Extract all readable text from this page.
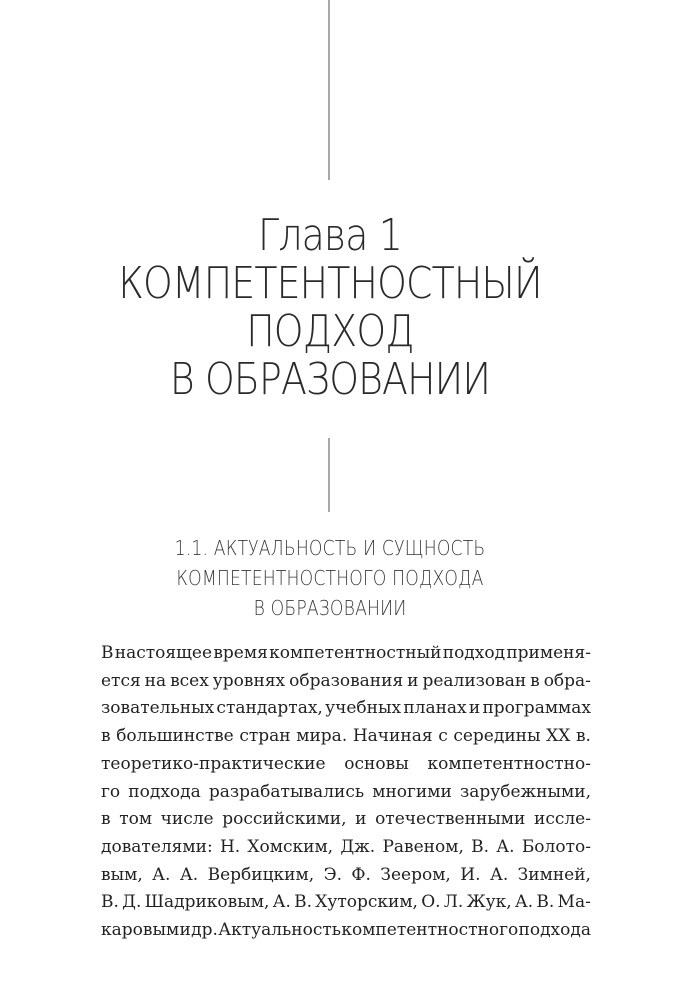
Глава 1
КОМПЕТЕНТНОСТНЫЙ
ПОДХОД
В ОБРАЗОВАНИИ
1.1. АКТУАЛЬНОСТЬ И СУЩНОСТЬ
КОМПЕТЕНТНОСТНОГО ПОДХОДА
В ОБРАЗОВАНИИ
В настоящее время компетентностный подход применя-
ется на всех уровнях образования и реализован в обра-
зовательных стандартах, учебных планах и программах
в большинстве стран мира. Начиная с середины XX в.
теоретико-практические основы компетентностно-
го подхода разрабатывались многими зарубежными,
в том числе российскими, и отечественными иссле-
дователями: Н. Хомским, Дж. Равеном, В. А. Болото-
вым, А. А. Вербицким, Э. Ф. Зеером, И. А. Зимней,
В. Д. Шадриковым, А. В. Хуторским, О. Л. Жук, А. В. Ма-
каровым и др. Актуальность компетентностного подхода
